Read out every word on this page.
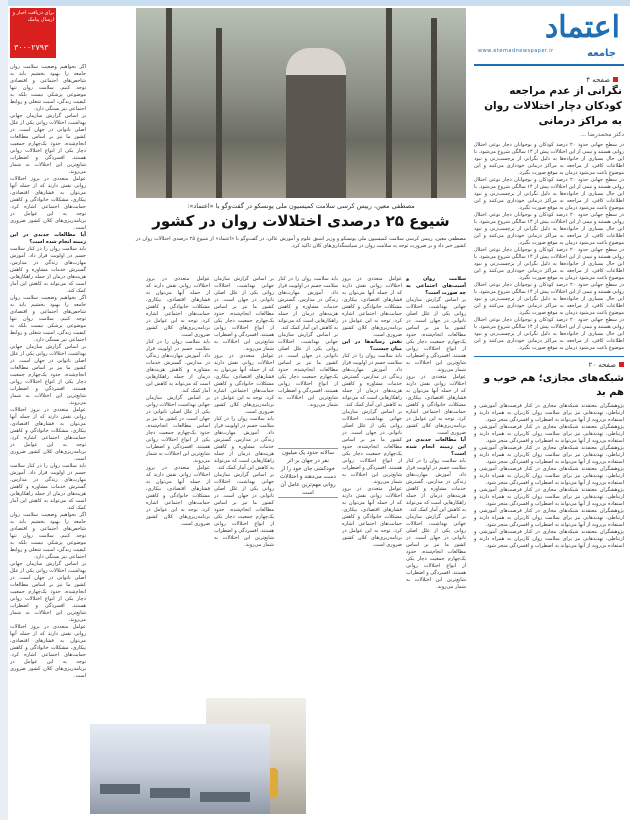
اعتماد
جامعه
www.etemadnewspaper.ir
صفحه ۴
نگرانی از عدم مراجعه کودکان دچار اختلالات روان به مراکز درمانی
دکتر محمدرضا ...
در سطح جهانی حدود ۲۰ درصد کودکان و نوجوانان دچار نوعی اختلال روانی هستند و نیمی از این اختلالات پیش از ۱۴ سالگی شروع می‌شود. با این حال بسیاری از خانواده‌ها به دلیل نگرانی از برچسب‌زنی و نبود اطلاعات کافی، از مراجعه به مراکز درمانی خودداری می‌کنند و این موضوع باعث می‌شود درمان به موقع صورت نگیرد.
در سطح جهانی حدود ۲۰ درصد کودکان و نوجوانان دچار نوعی اختلال روانی هستند و نیمی از این اختلالات پیش از ۱۴ سالگی شروع می‌شود. با این حال بسیاری از خانواده‌ها به دلیل نگرانی از برچسب‌زنی و نبود اطلاعات کافی، از مراجعه به مراکز درمانی خودداری می‌کنند و این موضوع باعث می‌شود درمان به موقع صورت نگیرد.
در سطح جهانی حدود ۲۰ درصد کودکان و نوجوانان دچار نوعی اختلال روانی هستند و نیمی از این اختلالات پیش از ۱۴ سالگی شروع می‌شود. با این حال بسیاری از خانواده‌ها به دلیل نگرانی از برچسب‌زنی و نبود اطلاعات کافی، از مراجعه به مراکز درمانی خودداری می‌کنند و این موضوع باعث می‌شود درمان به موقع صورت نگیرد.
در سطح جهانی حدود ۲۰ درصد کودکان و نوجوانان دچار نوعی اختلال روانی هستند و نیمی از این اختلالات پیش از ۱۴ سالگی شروع می‌شود. با این حال بسیاری از خانواده‌ها به دلیل نگرانی از برچسب‌زنی و نبود اطلاعات کافی، از مراجعه به مراکز درمانی خودداری می‌کنند و این موضوع باعث می‌شود درمان به موقع صورت نگیرد.
در سطح جهانی حدود ۲۰ درصد کودکان و نوجوانان دچار نوعی اختلال روانی هستند و نیمی از این اختلالات پیش از ۱۴ سالگی شروع می‌شود. با این حال بسیاری از خانواده‌ها به دلیل نگرانی از برچسب‌زنی و نبود اطلاعات کافی، از مراجعه به مراکز درمانی خودداری می‌کنند و این موضوع باعث می‌شود درمان به موقع صورت نگیرد.
در سطح جهانی حدود ۲۰ درصد کودکان و نوجوانان دچار نوعی اختلال روانی هستند و نیمی از این اختلالات پیش از ۱۴ سالگی شروع می‌شود. با این حال بسیاری از خانواده‌ها به دلیل نگرانی از برچسب‌زنی و نبود اطلاعات کافی، از مراجعه به مراکز درمانی خودداری می‌کنند و این موضوع باعث می‌شود درمان به موقع صورت نگیرد.
صفحه ۲۰
شبکه‌های مجازی؛ هم خوب و هم بد
پژوهشگران معتقدند شبکه‌های مجازی در کنار فرصت‌های آموزشی و ارتباطی، تهدیدهایی نیز برای سلامت روان کاربران به همراه دارند و استفاده بی‌رویه از آنها می‌تواند به اضطراب و افسردگی منجر شود.
پژوهشگران معتقدند شبکه‌های مجازی در کنار فرصت‌های آموزشی و ارتباطی، تهدیدهایی نیز برای سلامت روان کاربران به همراه دارند و استفاده بی‌رویه از آنها می‌تواند به اضطراب و افسردگی منجر شود.
پژوهشگران معتقدند شبکه‌های مجازی در کنار فرصت‌های آموزشی و ارتباطی، تهدیدهایی نیز برای سلامت روان کاربران به همراه دارند و استفاده بی‌رویه از آنها می‌تواند به اضطراب و افسردگی منجر شود.
پژوهشگران معتقدند شبکه‌های مجازی در کنار فرصت‌های آموزشی و ارتباطی، تهدیدهایی نیز برای سلامت روان کاربران به همراه دارند و استفاده بی‌رویه از آنها می‌تواند به اضطراب و افسردگی منجر شود.
پژوهشگران معتقدند شبکه‌های مجازی در کنار فرصت‌های آموزشی و ارتباطی، تهدیدهایی نیز برای سلامت روان کاربران به همراه دارند و استفاده بی‌رویه از آنها می‌تواند به اضطراب و افسردگی منجر شود.
پژوهشگران معتقدند شبکه‌های مجازی در کنار فرصت‌های آموزشی و ارتباطی، تهدیدهایی نیز برای سلامت روان کاربران به همراه دارند و استفاده بی‌رویه از آنها می‌تواند به اضطراب و افسردگی منجر شود.
پژوهشگران معتقدند شبکه‌های مجازی در کنار فرصت‌های آموزشی و ارتباطی، تهدیدهایی نیز برای سلامت روان کاربران به همراه دارند و استفاده بی‌رویه از آنها می‌تواند به اضطراب و افسردگی منجر شود.
مصطفی معین، رییس کرسی سلامت کمیسیون ملی یونسکو در گفت‌وگو با «اعتماد»:
شیوع ۲۵ درصدی اختلالات روان در کشور
مصطفی معین، رییس کرسی سلامت کمیسیون ملی یونسکو و وزیر اسبق علوم و آموزش عالی، در گفت‌وگو با «اعتماد» از شیوع ۲۵ درصدی اختلالات روان در کشور خبر داد و بر ضرورت توجه به سلامت روان در سیاستگذاری‌های کلان تاکید کرد.
سلامت روان و آسیب‌های اجتماعی به چه صورت است؟
بر اساس گزارش سازمان جهانی بهداشت، اختلالات روانی یکی از علل اصلی ناتوانی در جهان است. در کشور ما نیز بر اساس مطالعات انجام‌شده، حدود یک‌چهارم جمعیت دچار یکی از انواع اختلالات روانی هستند. افسردگی و اضطراب شایع‌ترین این اختلالات به شمار می‌روند.
عوامل متعددی در بروز اختلالات روانی نقش دارند که از جمله آنها می‌توان به فشارهای اقتصادی، بیکاری، مشکلات خانوادگی و کاهش حمایت‌های اجتماعی اشاره کرد. توجه به این عوامل در برنامه‌ریزی‌های کلان کشور ضروری است.
آیا مطالعات جدیدی در این زمینه انجام شده است؟
باید سلامت روان را در کنار سلامت جسم در اولویت قرار داد. آموزش مهارت‌های زندگی در مدارس، گسترش خدمات مشاوره و کاهش هزینه‌های درمان از جمله راهکارهایی است که می‌تواند به کاهش این آمار کمک کند.
بر اساس گزارش سازمان جهانی بهداشت، اختلالات روانی یکی از علل اصلی ناتوانی در جهان است. در کشور ما نیز بر اساس مطالعات انجام‌شده، حدود یک‌چهارم جمعیت دچار یکی از انواع اختلالات روانی هستند. افسردگی و اضطراب شایع‌ترین این اختلالات به شمار می‌روند.
عوامل متعددی در بروز اختلالات روانی نقش دارند که از جمله آنها می‌توان به فشارهای اقتصادی، بیکاری، مشکلات خانوادگی و کاهش حمایت‌های اجتماعی اشاره کرد. توجه به این عوامل در برنامه‌ریزی‌های کلان کشور ضروری است.
نقش رسانه‌ها در این میان چیست؟
باید سلامت روان را در کنار سلامت جسم در اولویت قرار داد. آموزش مهارت‌های زندگی در مدارس، گسترش خدمات مشاوره و کاهش هزینه‌های درمان از جمله راهکارهایی است که می‌تواند به کاهش این آمار کمک کند.
بر اساس گزارش سازمان جهانی بهداشت، اختلالات روانی یکی از علل اصلی ناتوانی در جهان است. در کشور ما نیز بر اساس مطالعات انجام‌شده، حدود یک‌چهارم جمعیت دچار یکی از انواع اختلالات روانی هستند. افسردگی و اضطراب شایع‌ترین این اختلالات به شمار می‌روند.
عوامل متعددی در بروز اختلالات روانی نقش دارند که از جمله آنها می‌توان به فشارهای اقتصادی، بیکاری، مشکلات خانوادگی و کاهش حمایت‌های اجتماعی اشاره کرد. توجه به این عوامل در برنامه‌ریزی‌های کلان کشور ضروری است.
سالانه حدود یک میلیون نفر در جهان بر اثر خودکشی جان خود را از دست می‌دهند و اختلالات روانی مهم‌ترین عامل آن است
باید سلامت روان را در کنار سلامت جسم در اولویت قرار داد. آموزش مهارت‌های زندگی در مدارس، گسترش خدمات مشاوره و کاهش هزینه‌های درمان از جمله راهکارهایی است که می‌تواند به کاهش این آمار کمک کند.
بر اساس گزارش سازمان جهانی بهداشت، اختلالات روانی یکی از علل اصلی ناتوانی در جهان است. در کشور ما نیز بر اساس مطالعات انجام‌شده، حدود یک‌چهارم جمعیت دچار یکی از انواع اختلالات روانی هستند. افسردگی و اضطراب شایع‌ترین این اختلالات به شمار می‌روند.
بر اساس گزارش سازمان جهانی بهداشت، اختلالات روانی یکی از علل اصلی ناتوانی در جهان است. در کشور ما نیز بر اساس مطالعات انجام‌شده، حدود یک‌چهارم جمعیت دچار یکی از انواع اختلالات روانی هستند. افسردگی و اضطراب شایع‌ترین این اختلالات به شمار می‌روند.
عوامل متعددی در بروز اختلالات روانی نقش دارند که از جمله آنها می‌توان به فشارهای اقتصادی، بیکاری، مشکلات خانوادگی و کاهش حمایت‌های اجتماعی اشاره کرد. توجه به این عوامل در برنامه‌ریزی‌های کلان کشور ضروری است.
باید سلامت روان را در کنار سلامت جسم در اولویت قرار داد. آموزش مهارت‌های زندگی در مدارس، گسترش خدمات مشاوره و کاهش هزینه‌های درمان از جمله راهکارهایی است که می‌تواند به کاهش این آمار کمک کند.
بر اساس گزارش سازمان جهانی بهداشت، اختلالات روانی یکی از علل اصلی ناتوانی در جهان است. در کشور ما نیز بر اساس مطالعات انجام‌شده، حدود یک‌چهارم جمعیت دچار یکی از انواع اختلالات روانی هستند. افسردگی و اضطراب شایع‌ترین این اختلالات به شمار می‌روند.
عوامل متعددی در بروز اختلالات روانی نقش دارند که از جمله آنها می‌توان به فشارهای اقتصادی، بیکاری، مشکلات خانوادگی و کاهش حمایت‌های اجتماعی اشاره کرد. توجه به این عوامل در برنامه‌ریزی‌های کلان کشور ضروری است.
باید سلامت روان را در کنار سلامت جسم در اولویت قرار داد. آموزش مهارت‌های زندگی در مدارس، گسترش خدمات مشاوره و کاهش هزینه‌های درمان از جمله راهکارهایی است که می‌تواند به کاهش این آمار کمک کند.
بر اساس گزارش سازمان جهانی بهداشت، اختلالات روانی یکی از علل اصلی ناتوانی در جهان است. در کشور ما نیز بر اساس مطالعات انجام‌شده، حدود یک‌چهارم جمعیت دچار یکی از انواع اختلالات روانی هستند. افسردگی و اضطراب شایع‌ترین این اختلالات به شمار می‌روند.
عوامل متعددی در بروز اختلالات روانی نقش دارند که از جمله آنها می‌توان به فشارهای اقتصادی، بیکاری، مشکلات خانوادگی و کاهش حمایت‌های اجتماعی اشاره کرد. توجه به این عوامل در برنامه‌ریزی‌های کلان کشور ضروری است.
برای دریافت اخبار و ارسال پیامک
۳۰۰۰۲۷۹۳
اگر بخواهیم وضعیت سلامت روان جامعه را بهبود بخشیم باید به شاخص‌های اجتماعی و اقتصادی توجه کنیم. سلامت روان تنها موضوعی پزشکی نیست بلکه به کیفیت زندگی، امنیت شغلی و روابط اجتماعی نیز بستگی دارد.
بر اساس گزارش سازمان جهانی بهداشت، اختلالات روانی یکی از علل اصلی ناتوانی در جهان است. در کشور ما نیز بر اساس مطالعات انجام‌شده، حدود یک‌چهارم جمعیت دچار یکی از انواع اختلالات روانی هستند. افسردگی و اضطراب شایع‌ترین این اختلالات به شمار می‌روند.
عوامل متعددی در بروز اختلالات روانی نقش دارند که از جمله آنها می‌توان به فشارهای اقتصادی، بیکاری، مشکلات خانوادگی و کاهش حمایت‌های اجتماعی اشاره کرد. توجه به این عوامل در برنامه‌ریزی‌های کلان کشور ضروری است.
آیا مطالعات جدیدی در این زمینه انجام شده است؟
باید سلامت روان را در کنار سلامت جسم در اولویت قرار داد. آموزش مهارت‌های زندگی در مدارس، گسترش خدمات مشاوره و کاهش هزینه‌های درمان از جمله راهکارهایی است که می‌تواند به کاهش این آمار کمک کند.
اگر بخواهیم وضعیت سلامت روان جامعه را بهبود بخشیم باید به شاخص‌های اجتماعی و اقتصادی توجه کنیم. سلامت روان تنها موضوعی پزشکی نیست بلکه به کیفیت زندگی، امنیت شغلی و روابط اجتماعی نیز بستگی دارد.
بر اساس گزارش سازمان جهانی بهداشت، اختلالات روانی یکی از علل اصلی ناتوانی در جهان است. در کشور ما نیز بر اساس مطالعات انجام‌شده، حدود یک‌چهارم جمعیت دچار یکی از انواع اختلالات روانی هستند. افسردگی و اضطراب شایع‌ترین این اختلالات به شمار می‌روند.
عوامل متعددی در بروز اختلالات روانی نقش دارند که از جمله آنها می‌توان به فشارهای اقتصادی، بیکاری، مشکلات خانوادگی و کاهش حمایت‌های اجتماعی اشاره کرد. توجه به این عوامل در برنامه‌ریزی‌های کلان کشور ضروری است.
باید سلامت روان را در کنار سلامت جسم در اولویت قرار داد. آموزش مهارت‌های زندگی در مدارس، گسترش خدمات مشاوره و کاهش هزینه‌های درمان از جمله راهکارهایی است که می‌تواند به کاهش این آمار کمک کند.
اگر بخواهیم وضعیت سلامت روان جامعه را بهبود بخشیم باید به شاخص‌های اجتماعی و اقتصادی توجه کنیم. سلامت روان تنها موضوعی پزشکی نیست بلکه به کیفیت زندگی، امنیت شغلی و روابط اجتماعی نیز بستگی دارد.
بر اساس گزارش سازمان جهانی بهداشت، اختلالات روانی یکی از علل اصلی ناتوانی در جهان است. در کشور ما نیز بر اساس مطالعات انجام‌شده، حدود یک‌چهارم جمعیت دچار یکی از انواع اختلالات روانی هستند. افسردگی و اضطراب شایع‌ترین این اختلالات به شمار می‌روند.
عوامل متعددی در بروز اختلالات روانی نقش دارند که از جمله آنها می‌توان به فشارهای اقتصادی، بیکاری، مشکلات خانوادگی و کاهش حمایت‌های اجتماعی اشاره کرد. توجه به این عوامل در برنامه‌ریزی‌های کلان کشور ضروری است.
